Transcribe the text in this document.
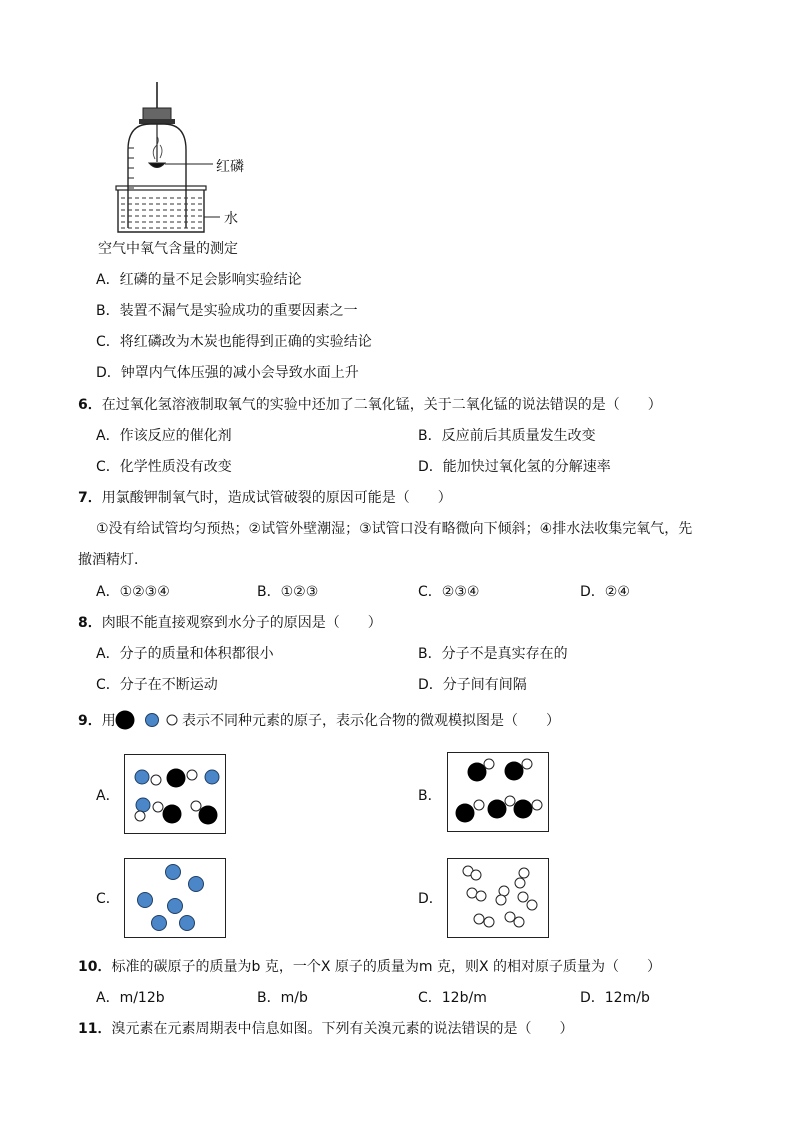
红磷
水
空气中氧气含量的测定
A．红磷的量不足会影响实验结论
B．装置不漏气是实验成功的重要因素之一
C．将红磷改为木炭也能得到正确的实验结论
D．钟罩内气体压强的减小会导致水面上升
6．在过氧化氢溶液制取氧气的实验中还加了二氧化锰，关于二氧化锰的说法错误的是（　　）
A．作该反应的催化剂	B．反应前后其质量发生改变
C．化学性质没有改变	D．能加快过氧化氢的分解速率
7．用氯酸钾制氧气时，造成试管破裂的原因可能是（　　）
①没有给试管均匀预热；②试管外壁潮湿；③试管口没有略微向下倾斜；④排水法收集完氧气，先
撤酒精灯．
A．①②③④	B．①②③	C．②③④	D．②④
8．肉眼不能直接观察到水分子的原因是（　　）
A．分子的质量和体积都很小	B．分子不是真实存在的
C．分子在不断运动	D．分子间有间隔
9．用	表示不同种元素的原子，表示化合物的微观模拟图是（　　）
A．	B．
C．	D．
10．标准的碳原子的质量为b 克，一个X 原子的质量为m 克，则X 的相对原子质量为（　　）
A．m/12b	B．m/b	C．12b/m	D．12m/b
11．溴元素在元素周期表中信息如图。下列有关溴元素的说法错误的是（　　）
